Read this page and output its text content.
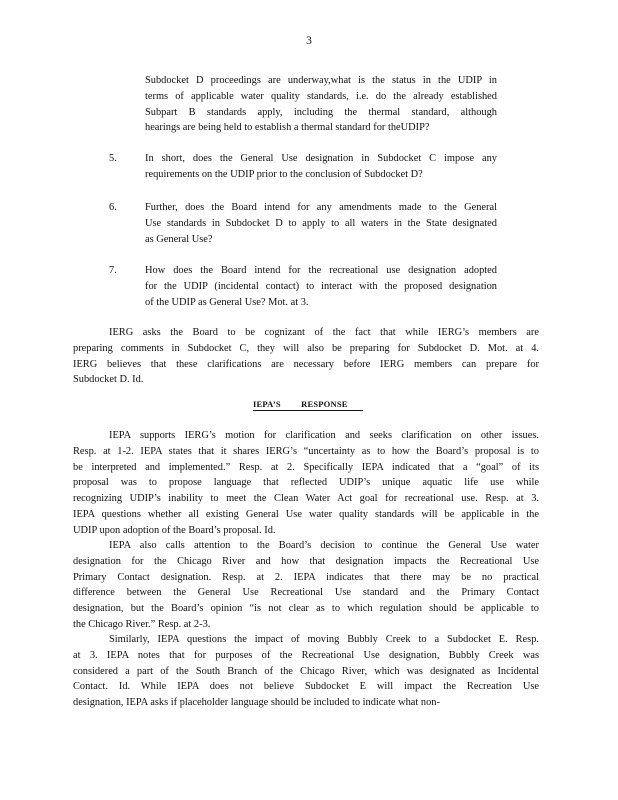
3
Subdocket D proceedings are underway,what is the status in the UDIP in
terms of applicable water quality standards, i.e. do the already established
Subpart B standards apply, including the thermal standard, although
hearings are being held to establish a thermal standard for theUDIP?
5.	In short, does the General Use designation in Subdocket C impose any
requirements on the UDIP prior to the conclusion of Subdocket D?
6.	Further, does the Board intend for any amendments made to the General
Use standards in Subdocket D to apply to all waters in the State designated
as General Use?
7.	How does the Board intend for the recreational use designation adopted
for the UDIP (incidental contact) to interact with the proposed designation
of the UDIP as General Use? Mot. at 3.
IERG asks the Board to be cognizant of the fact that while IERG’s members are
preparing comments in Subdocket C, they will also be preparing for Subdocket D. Mot. at 4.
IERG believes that these clarifications are necessary before IERG members can prepare for
Subdocket D. Id.
IEPA’S RESPONSE
IEPA supports IERG’s motion for clarification and seeks clarification on other issues.
Resp. at 1-2. IEPA states that it shares IERG’s “uncertainty as to how the Board’s proposal is to
be interpreted and implemented.” Resp. at 2. Specifically IEPA indicated that a “goal” of its
proposal was to propose language that reflected UDIP’s unique aquatic life use while
recognizing UDIP’s inability to meet the Clean Water Act goal for recreational use. Resp. at 3.
IEPA questions whether all existing General Use water quality standards will be applicable in the
UDIP upon adoption of the Board’s proposal. Id.
IEPA also calls attention to the Board’s decision to continue the General Use water
designation for the Chicago River and how that designation impacts the Recreational Use
Primary Contact designation. Resp. at 2. IEPA indicates that there may be no practical
difference between the General Use Recreational Use standard and the Primary Contact
designation, but the Board’s opinion “is not clear as to which regulation should be applicable to
the Chicago River.” Resp. at 2-3.
Similarly, IEPA questions the impact of moving Bubbly Creek to a Subdocket E. Resp.
at 3. IEPA notes that for purposes of the Recreational Use designation, Bubbly Creek was
considered a part of the South Branch of the Chicago River, which was designated as Incidental
Contact. Id. While IEPA does not believe Subdocket E will impact the Recreation Use
designation, IEPA asks if placeholder language should be included to indicate what non-
